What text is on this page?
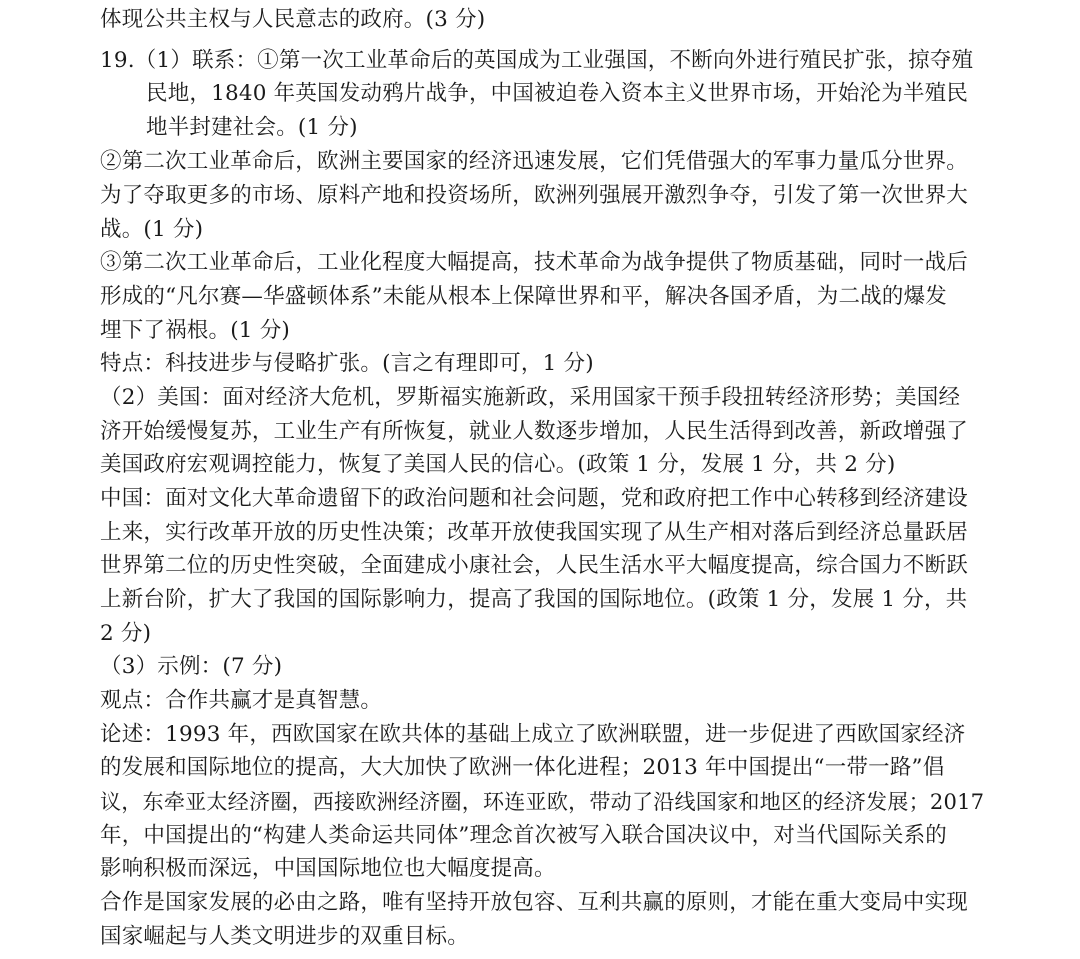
体现公共主权与人民意志的政府。(3 分)
19.（1）联系：①第一次工业革命后的英国成为工业强国，不断向外进行殖民扩张，掠夺殖
民地，1840 年英国发动鸦片战争，中国被迫卷入资本主义世界市场，开始沦为半殖民
地半封建社会。(1 分)
②第二次工业革命后，欧洲主要国家的经济迅速发展，它们凭借强大的军事力量瓜分世界。
为了夺取更多的市场、原料产地和投资场所，欧洲列强展开激烈争夺，引发了第一次世界大
战。(1 分)
③第二次工业革命后，工业化程度大幅提高，技术革命为战争提供了物质基础，同时一战后
形成的“凡尔赛—华盛顿体系”未能从根本上保障世界和平，解决各国矛盾，为二战的爆发
埋下了祸根。(1 分)
特点：科技进步与侵略扩张。(言之有理即可，1 分)
（2）美国：面对经济大危机，罗斯福实施新政，采用国家干预手段扭转经济形势；美国经
济开始缓慢复苏，工业生产有所恢复，就业人数逐步增加，人民生活得到改善，新政增强了
美国政府宏观调控能力，恢复了美国人民的信心。(政策 1 分，发展 1 分，共 2 分)
中国：面对文化大革命遗留下的政治问题和社会问题，党和政府把工作中心转移到经济建设
上来，实行改革开放的历史性决策；改革开放使我国实现了从生产相对落后到经济总量跃居
世界第二位的历史性突破，全面建成小康社会，人民生活水平大幅度提高，综合国力不断跃
上新台阶，扩大了我国的国际影响力，提高了我国的国际地位。(政策 1 分，发展 1 分，共
2 分)
（3）示例：(7 分)
观点：合作共赢才是真智慧。
论述：1993 年，西欧国家在欧共体的基础上成立了欧洲联盟，进一步促进了西欧国家经济
的发展和国际地位的提高，大大加快了欧洲一体化进程；2013 年中国提出“一带一路”倡
议，东牵亚太经济圈，西接欧洲经济圈，环连亚欧，带动了沿线国家和地区的经济发展；2017
年，中国提出的“构建人类命运共同体”理念首次被写入联合国决议中，对当代国际关系的
影响积极而深远，中国国际地位也大幅度提高。
合作是国家发展的必由之路，唯有坚持开放包容、互利共赢的原则，才能在重大变局中实现
国家崛起与人类文明进步的双重目标。
